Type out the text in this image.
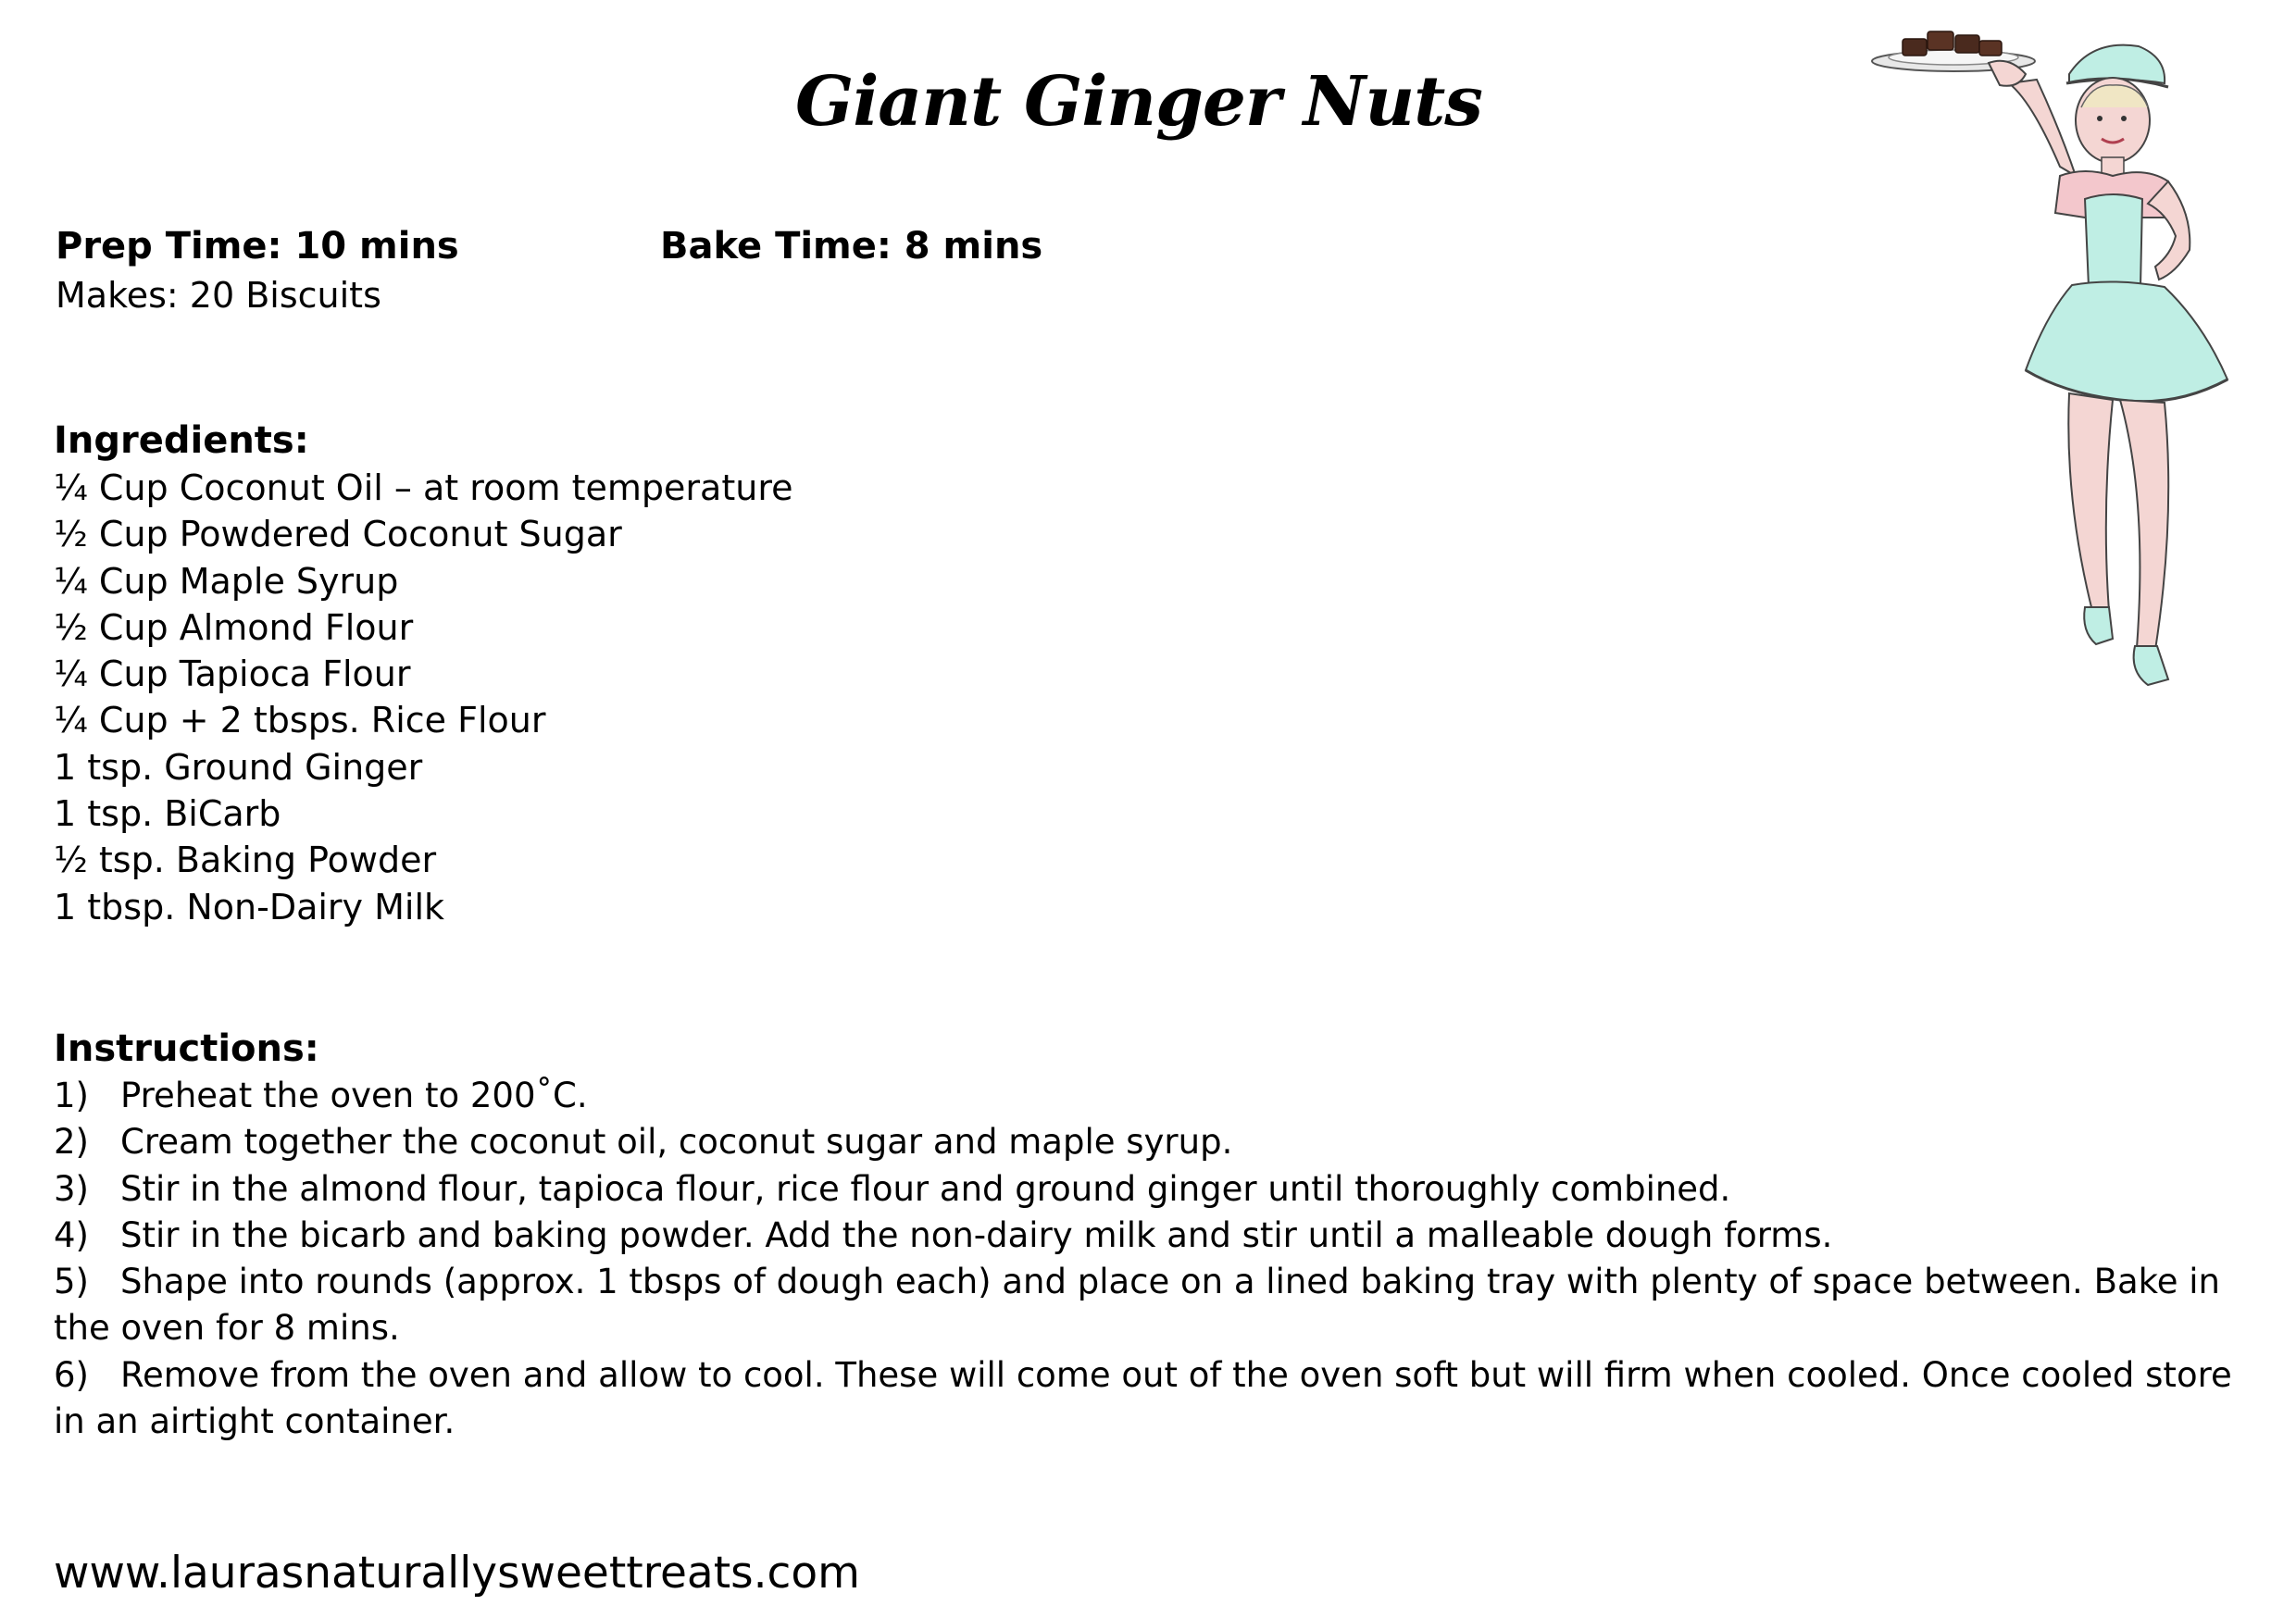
Giant Ginger Nuts
Prep Time: 10 mins	Bake Time: 8 mins
Makes: 20 Biscuits
Ingredients:
¼ Cup Coconut Oil – at room temperature
½ Cup Powdered Coconut Sugar
¼ Cup Maple Syrup
½ Cup Almond Flour
¼ Cup Tapioca Flour
¼ Cup + 2 tbsps. Rice Flour
1 tsp. Ground Ginger
1 tsp. BiCarb
½ tsp. Baking Powder
1 tbsp. Non-Dairy Milk
Instructions:
1) Preheat the oven to 200˚C.
2) Cream together the coconut oil, coconut sugar and maple syrup.
3) Stir in the almond flour, tapioca flour, rice flour and ground ginger until thoroughly combined.
4) Stir in the bicarb and baking powder. Add the non-dairy milk and stir until a malleable dough forms.
5) Shape into rounds (approx. 1 tbsps of dough each) and place on a lined baking tray with plenty of space between. Bake in the oven for 8 mins.
6) Remove from the oven and allow to cool. These will come out of the oven soft but will firm when cooled. Once cooled store in an airtight container.
www.laurasnaturallysweettreats.com
